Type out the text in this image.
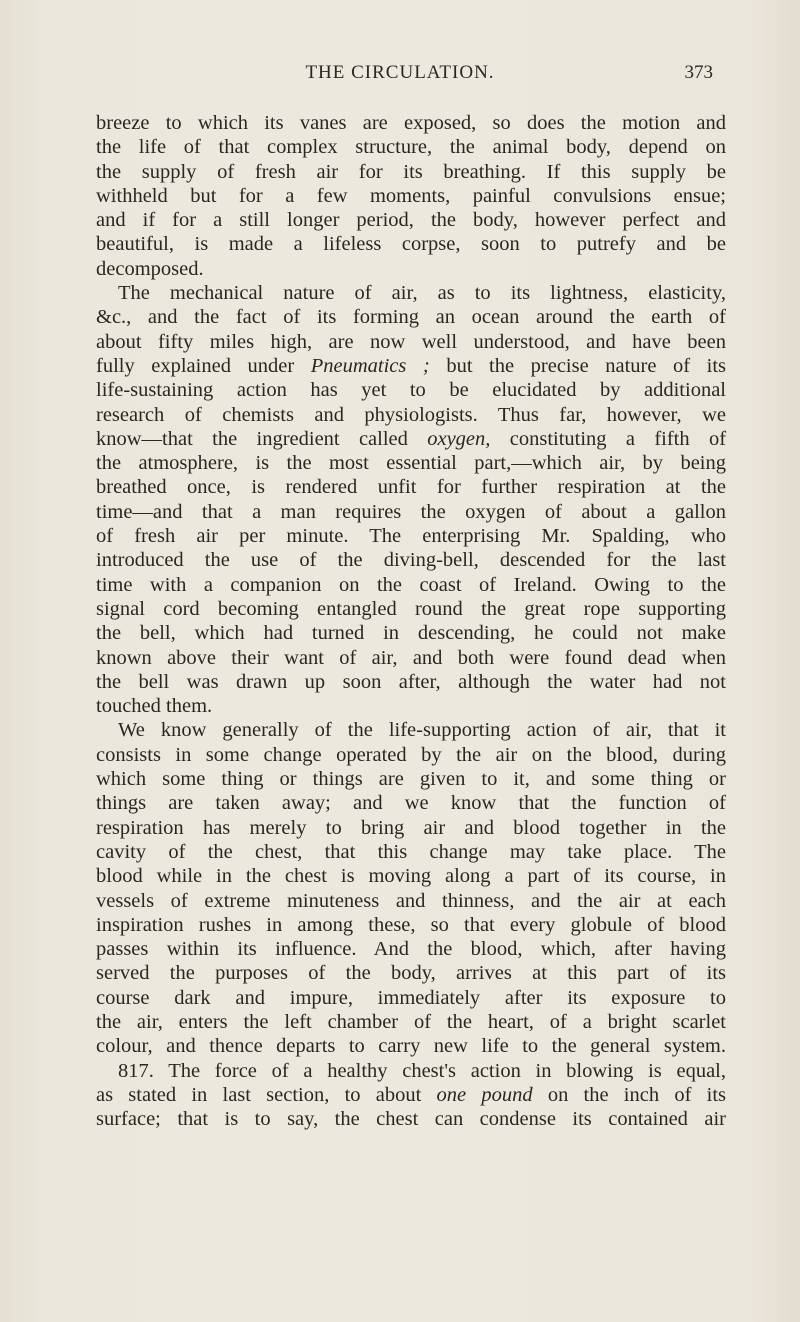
THE CIRCULATION.	373
breeze to which its vanes are exposed, so does the motion and
the life of that complex structure, the animal body, depend on
the supply of fresh air for its breathing. If this supply be
withheld but for a few moments, painful convulsions ensue;
and if for a still longer period, the body, however perfect and
beautiful, is made a lifeless corpse, soon to putrefy and be
decomposed.
The mechanical nature of air, as to its lightness, elasticity,
&c., and the fact of its forming an ocean around the earth of
about fifty miles high, are now well understood, and have been
fully explained under Pneumatics ; but the precise nature of its
life-sustaining action has yet to be elucidated by additional
research of chemists and physiologists. Thus far, however, we
know—that the ingredient called oxygen, constituting a fifth of
the atmosphere, is the most essential part,—which air, by being
breathed once, is rendered unfit for further respiration at the
time—and that a man requires the oxygen of about a gallon
of fresh air per minute. The enterprising Mr. Spalding, who
introduced the use of the diving-bell, descended for the last
time with a companion on the coast of Ireland. Owing to the
signal cord becoming entangled round the great rope supporting
the bell, which had turned in descending, he could not make
known above their want of air, and both were found dead when
the bell was drawn up soon after, although the water had not
touched them.
We know generally of the life-supporting action of air, that it
consists in some change operated by the air on the blood, during
which some thing or things are given to it, and some thing or
things are taken away; and we know that the function of
respiration has merely to bring air and blood together in the
cavity of the chest, that this change may take place. The
blood while in the chest is moving along a part of its course, in
vessels of extreme minuteness and thinness, and the air at each
inspiration rushes in among these, so that every globule of blood
passes within its influence. And the blood, which, after having
served the purposes of the body, arrives at this part of its
course dark and impure, immediately after its exposure to
the air, enters the left chamber of the heart, of a bright scarlet
colour, and thence departs to carry new life to the general system.
817. The force of a healthy chest's action in blowing is equal,
as stated in last section, to about one pound on the inch of its
surface; that is to say, the chest can condense its contained air
